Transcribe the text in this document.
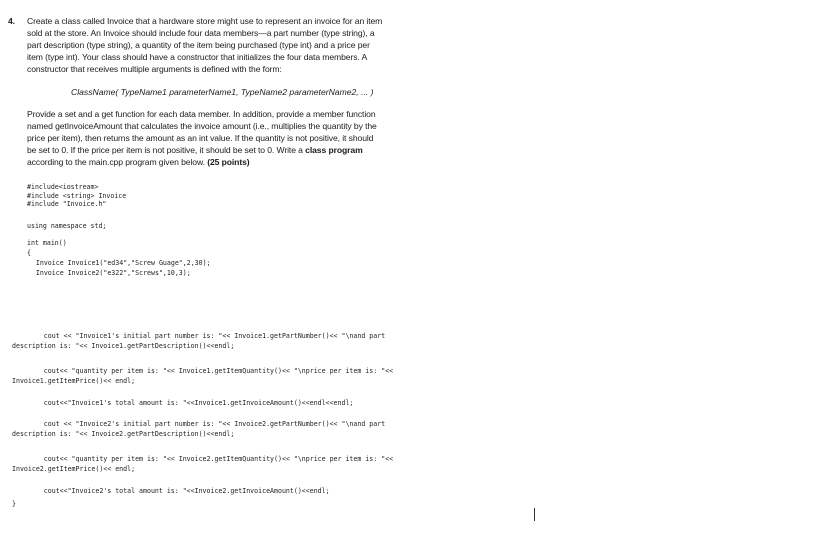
4. Create a class called Invoice that a hardware store might use to represent an invoice for an item
sold at the store. An Invoice should include four data members—a part number (type string), a
part description (type string), a quantity of the item being purchased (type int) and a price per
item (type int). Your class should have a constructor that initializes the four data members. A
constructor that receives multiple arguments is defined with the form:
ClassName( TypeName1 parameterName1, TypeName2 parameterName2, ... )
Provide a set and a get function for each data member. In addition, provide a member function
named getInvoiceAmount that calculates the invoice amount (i.e., multiplies the quantity by the
price per item), then returns the amount as an int value. If the quantity is not positive, it should
be set to 0. If the price per item is not positive, it should be set to 0. Write a class program
according to the main.cpp program given below. (25 points)
#include<iostream>
#include <string> Invoice
#include "Invoice.h"
using namespace std;
int main()
{
Invoice Invoice1("ed34","Screw Guage",2,30);
Invoice Invoice2("e322","Screws",10,3);
cout << "Invoice1's initial part number is: "<< Invoice1.getPartNumber()<< "\nand part
description is: "<< Invoice1.getPartDescription()<<endl;
cout<< "quantity per item is: "<< Invoice1.getItemQuantity()<< "\nprice per item is: "<<
Invoice1.getItemPrice()<< endl;
cout<<"Invoice1's total amount is: "<<Invoice1.getInvoiceAmount()<<endl<<endl;
cout << "Invoice2's initial part number is: "<< Invoice2.getPartNumber()<< "\nand part
description is: "<< Invoice2.getPartDescription()<<endl;
cout<< "quantity per item is: "<< Invoice2.getItemQuantity()<< "\nprice per item is: "<<
Invoice2.getItemPrice()<< endl;
cout<<"Invoice2's total amount is: "<<Invoice2.getInvoiceAmount()<<endl;
}
